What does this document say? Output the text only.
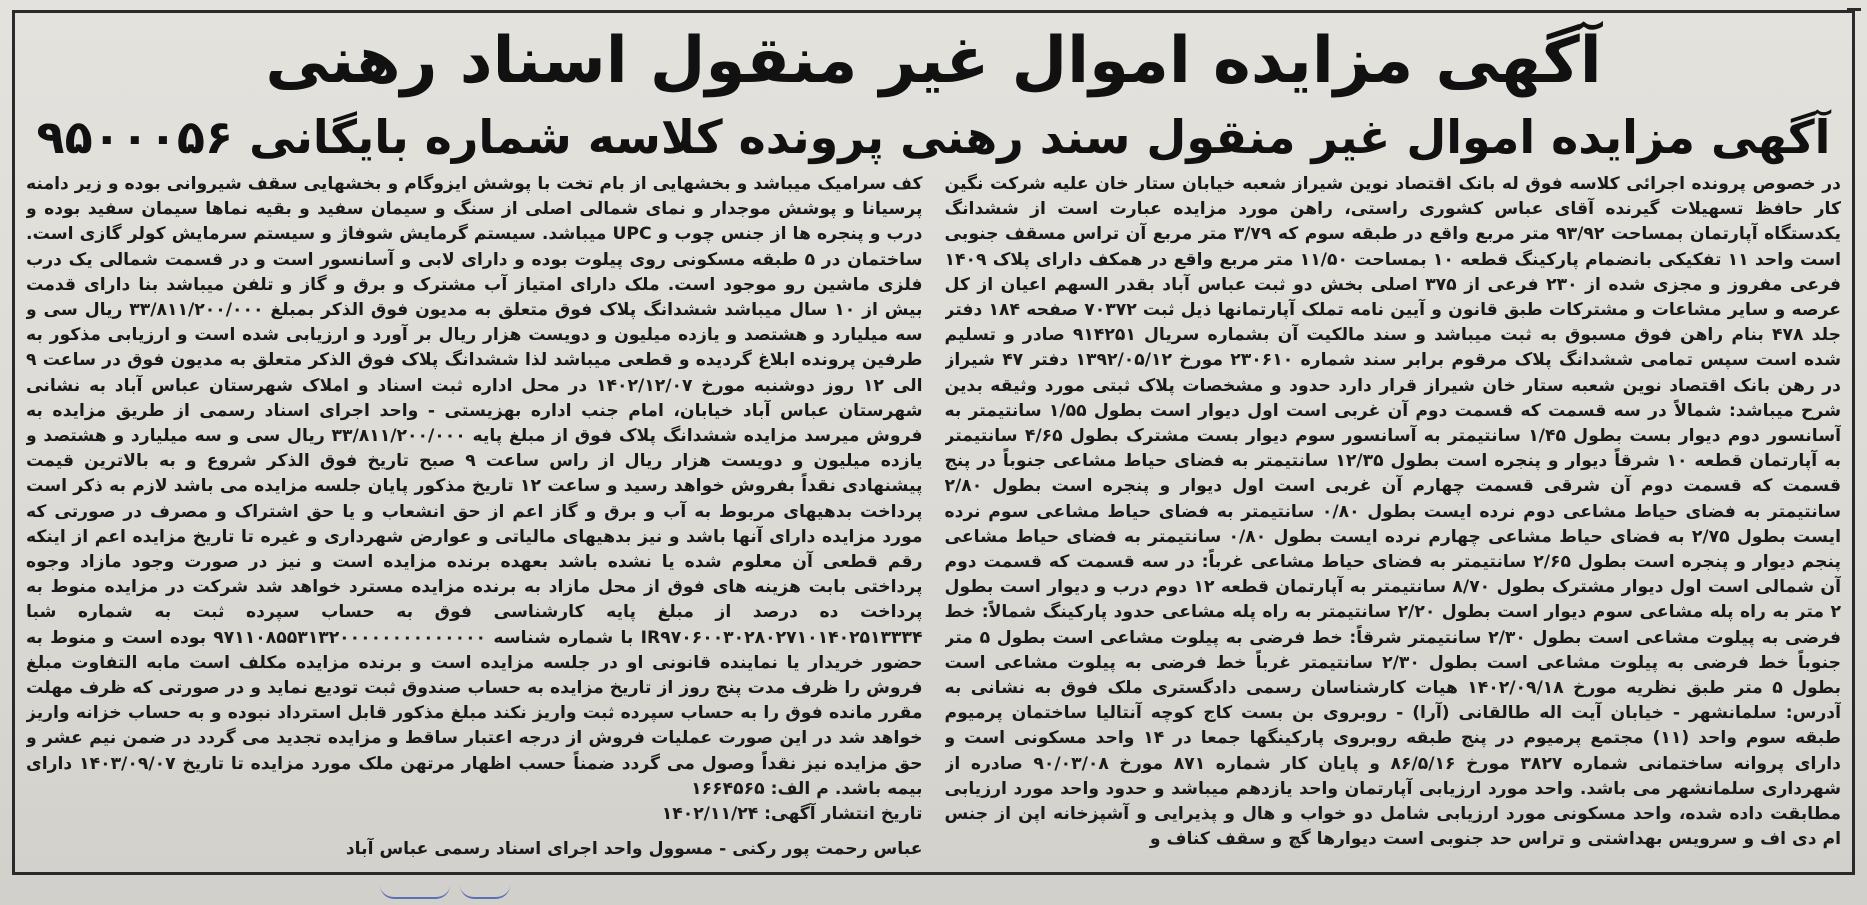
آگهی مزایده اموال غیر منقول اسناد رهنی
آگهی مزایده اموال غیر منقول سند رهنی پرونده کلاسه شماره بایگانی ۹۵۰۰۰۵۶

در خصوص پرونده اجرائی کلاسه فوق له بانک اقتصاد نوین شیراز شعبه خیابان ستار خان علیه شرکت نگین کار حافظ تسهیلات گیرنده آقای عباس کشوری راستی، راهن مورد مزایده عبارت است از ششدانگ یکدستگاه آپارتمان بمساحت ۹۳/۹۲ متر مربع واقع در طبقه سوم که ۳/۷۹ متر مربع آن تراس مسقف جنوبی است واحد ۱۱ تفکیکی بانضمام پارکینگ قطعه ۱۰ بمساحت ۱۱/۵۰ متر مربع واقع در همکف دارای پلاک ۱۴۰۹ فرعی مفروز و مجزی شده از ۲۳۰ فرعی از ۳۷۵ اصلی بخش دو ثبت عباس آباد بقدر السهم اعیان از کل عرصه و سایر مشاعات و مشترکات طبق قانون و آیین نامه تملک آپارتمانها ذیل ثبت ۷۰۳۷۲ صفحه ۱۸۴ دفتر جلد ۴۷۸ بنام راهن فوق مسبوق به ثبت میباشد و سند مالکیت آن بشماره سریال ۹۱۴۲۵۱ صادر و تسلیم شده است سپس تمامی ششدانگ پلاک مرقوم برابر سند شماره ۲۳۰۶۱۰ مورخ ۱۳۹۲/۰۵/۱۲ دفتر ۴۷ شیراز در رهن بانک اقتصاد نوین شعبه ستار خان شیراز قرار دارد حدود و مشخصات پلاک ثبتی مورد وثیقه بدین شرح میباشد: شمالاً در سه قسمت که قسمت دوم آن غربی است اول دیوار است بطول ۱/۵۵ سانتیمتر به آسانسور دوم دیوار بست بطول ۱/۴۵ سانتیمتر به آسانسور سوم دیوار بست مشترک بطول ۴/۶۵ سانتیمتر به آپارتمان قطعه ۱۰ شرقاً دیوار و پنجره است بطول ۱۲/۳۵ سانتیمتر به فضای حیاط مشاعی جنوباً در پنج قسمت که قسمت دوم آن شرقی قسمت چهارم آن غربی است اول دیوار و پنجره است بطول ۲/۸۰ سانتیمتر به فضای حیاط مشاعی دوم نرده ایست بطول ۰/۸۰ سانتیمتر به فضای حیاط مشاعی سوم نرده ایست بطول ۲/۷۵ به فضای حیاط مشاعی چهارم نرده ایست بطول ۰/۸۰ سانتیمتر به فضای حیاط مشاعی پنجم دیوار و پنجره است بطول ۲/۶۵ سانتیمتر به فضای حیاط مشاعی غرباً: در سه قسمت که قسمت دوم آن شمالی است اول دیوار مشترک بطول ۸/۷۰ سانتیمتر به آپارتمان قطعه ۱۲ دوم درب و دیوار است بطول ۲ متر به راه پله مشاعی سوم دیوار است بطول ۲/۲۰ سانتیمتر به راه پله مشاعی حدود پارکینگ شمالاً: خط فرضی به پیلوت مشاعی است بطول ۲/۳۰ سانتیمتر شرقاً: خط فرضی به پیلوت مشاعی است بطول ۵ متر جنوباً خط فرضی به پیلوت مشاعی است بطول ۲/۳۰ سانتیمتر غرباً خط فرضی به پیلوت مشاعی است بطول ۵ متر طبق نظریه مورخ ۱۴۰۲/۰۹/۱۸ هیات کارشناسان رسمی دادگستری ملک فوق به نشانی به آدرس: سلمانشهر - خیابان آیت اله طالقانی (آرا) - روبروی بن بست کاج کوچه آنتالیا ساختمان پرمیوم طبقه سوم واحد (۱۱) مجتمع پرمیوم در پنج طبقه روبروی پارکینگها جمعا در ۱۴ واحد مسکونی است و دارای پروانه ساختمانی شماره ۳۸۲۷ مورخ ۸۶/۵/۱۶ و پایان کار شماره ۸۷۱ مورخ ۹۰/۰۳/۰۸ صادره از شهرداری سلمانشهر می باشد. واحد مورد ارزیابی آپارتمان واحد یازدهم میباشد و حدود واحد مورد ارزیابی مطابقت داده شده، واحد مسکونی مورد ارزیابی شامل دو خواب و هال و پذیرایی و آشپزخانه اپن از جنس ام دی اف و سرویس بهداشتی و تراس حد جنوبی است دیوارها گچ و سقف کناف و

کف سرامیک میباشد و بخشهایی از بام تخت با پوشش ایزوگام و بخشهایی سقف شیروانی بوده و زیر دامنه پرسیانا و پوشش موجدار و نمای شمالی اصلی از سنگ و سیمان سفید و بقیه نماها سیمان سفید بوده و درب و پنجره ها از جنس چوب و UPC میباشد. سیستم گرمایش شوفاژ و سیستم سرمایش کولر گازی است. ساختمان در ۵ طبقه مسکونی روی پیلوت بوده و دارای لابی و آسانسور است و در قسمت شمالی یک درب فلزی ماشین رو موجود است. ملک دارای امتیاز آب مشترک و برق و گاز و تلفن میباشد بنا دارای قدمت بیش از ۱۰ سال میباشد ششدانگ پلاک فوق متعلق به مدیون فوق الذکر بمبلغ ۳۳/۸۱۱/۲۰۰/۰۰۰ ریال سی و سه میلیارد و هشتصد و یازده میلیون و دویست هزار ریال بر آورد و ارزیابی شده است و ارزیابی مذکور به طرفین پرونده ابلاغ گردیده و قطعی میباشد لذا ششدانگ پلاک فوق الذکر متعلق به مدیون فوق در ساعت ۹ الی ۱۲ روز دوشنبه مورخ ۱۴۰۲/۱۲/۰۷ در محل اداره ثبت اسناد و املاک شهرستان عباس آباد به نشانی شهرستان عباس آباد خیابان، امام جنب اداره بهزیستی - واحد اجرای اسناد رسمی از طریق مزایده به فروش میرسد مزایده ششدانگ پلاک فوق از مبلغ پایه ۳۳/۸۱۱/۲۰۰/۰۰۰ ریال سی و سه میلیارد و هشتصد و یازده میلیون و دویست هزار ریال از راس ساعت ۹ صبح تاریخ فوق الذکر شروع و به بالاترین قیمت پیشنهادی نقداً بفروش خواهد رسید و ساعت ۱۲ تاریخ مذکور پایان جلسه مزایده می باشد لازم به ذکر است پرداخت بدهیهای مربوط به آب و برق و گاز اعم از حق انشعاب و یا حق اشتراک و مصرف در صورتی که مورد مزایده دارای آنها باشد و نیز بدهیهای مالیاتی و عوارض شهرداری و غیره تا تاریخ مزایده اعم از اینکه رقم قطعی آن معلوم شده یا نشده باشد بعهده برنده مزایده است و نیز در صورت وجود مازاد وجوه پرداختی بابت هزینه های فوق از محل مازاد به برنده مزایده مسترد خواهد شد شرکت در مزایده منوط به پرداخت ده درصد از مبلغ پایه کارشناسی فوق به حساب سپرده ثبت به شماره شبا IR۹۷۰۶۰۰۳۰۲۸۰۲۷۱۰۱۴۰۲۵۱۳۳۳۴ با شماره شناسه ۹۷۱۱۰۸۵۵۳۱۳۲۰۰۰۰۰۰۰۰۰۰۰۰۰۰ بوده است و منوط به حضور خریدار یا نماینده قانونی او در جلسه مزایده است و برنده مزایده مکلف است مابه التفاوت مبلغ فروش را ظرف مدت پنج روز از تاریخ مزایده به حساب صندوق ثبت تودیع نماید و در صورتی که ظرف مهلت مقرر مانده فوق را به حساب سپرده ثبت واریز نکند مبلغ مذکور قابل استرداد نبوده و به حساب خزانه واریز خواهد شد در این صورت عملیات فروش از درجه اعتبار ساقط و مزایده تجدید می گردد در ضمن نیم عشر و حق مزایده نیز نقداً وصول می گردد ضمناً حسب اظهار مرتهن ملک مورد مزایده تا تاریخ ۱۴۰۳/۰۹/۰۷ دارای بیمه باشد. م الف: ۱۶۶۴۵۶۵

تاریخ انتشار آگهی: ۱۴۰۲/۱۱/۲۴

عباس رحمت پور رکنی - مسوول واحد اجرای اسناد رسمی عباس آباد
